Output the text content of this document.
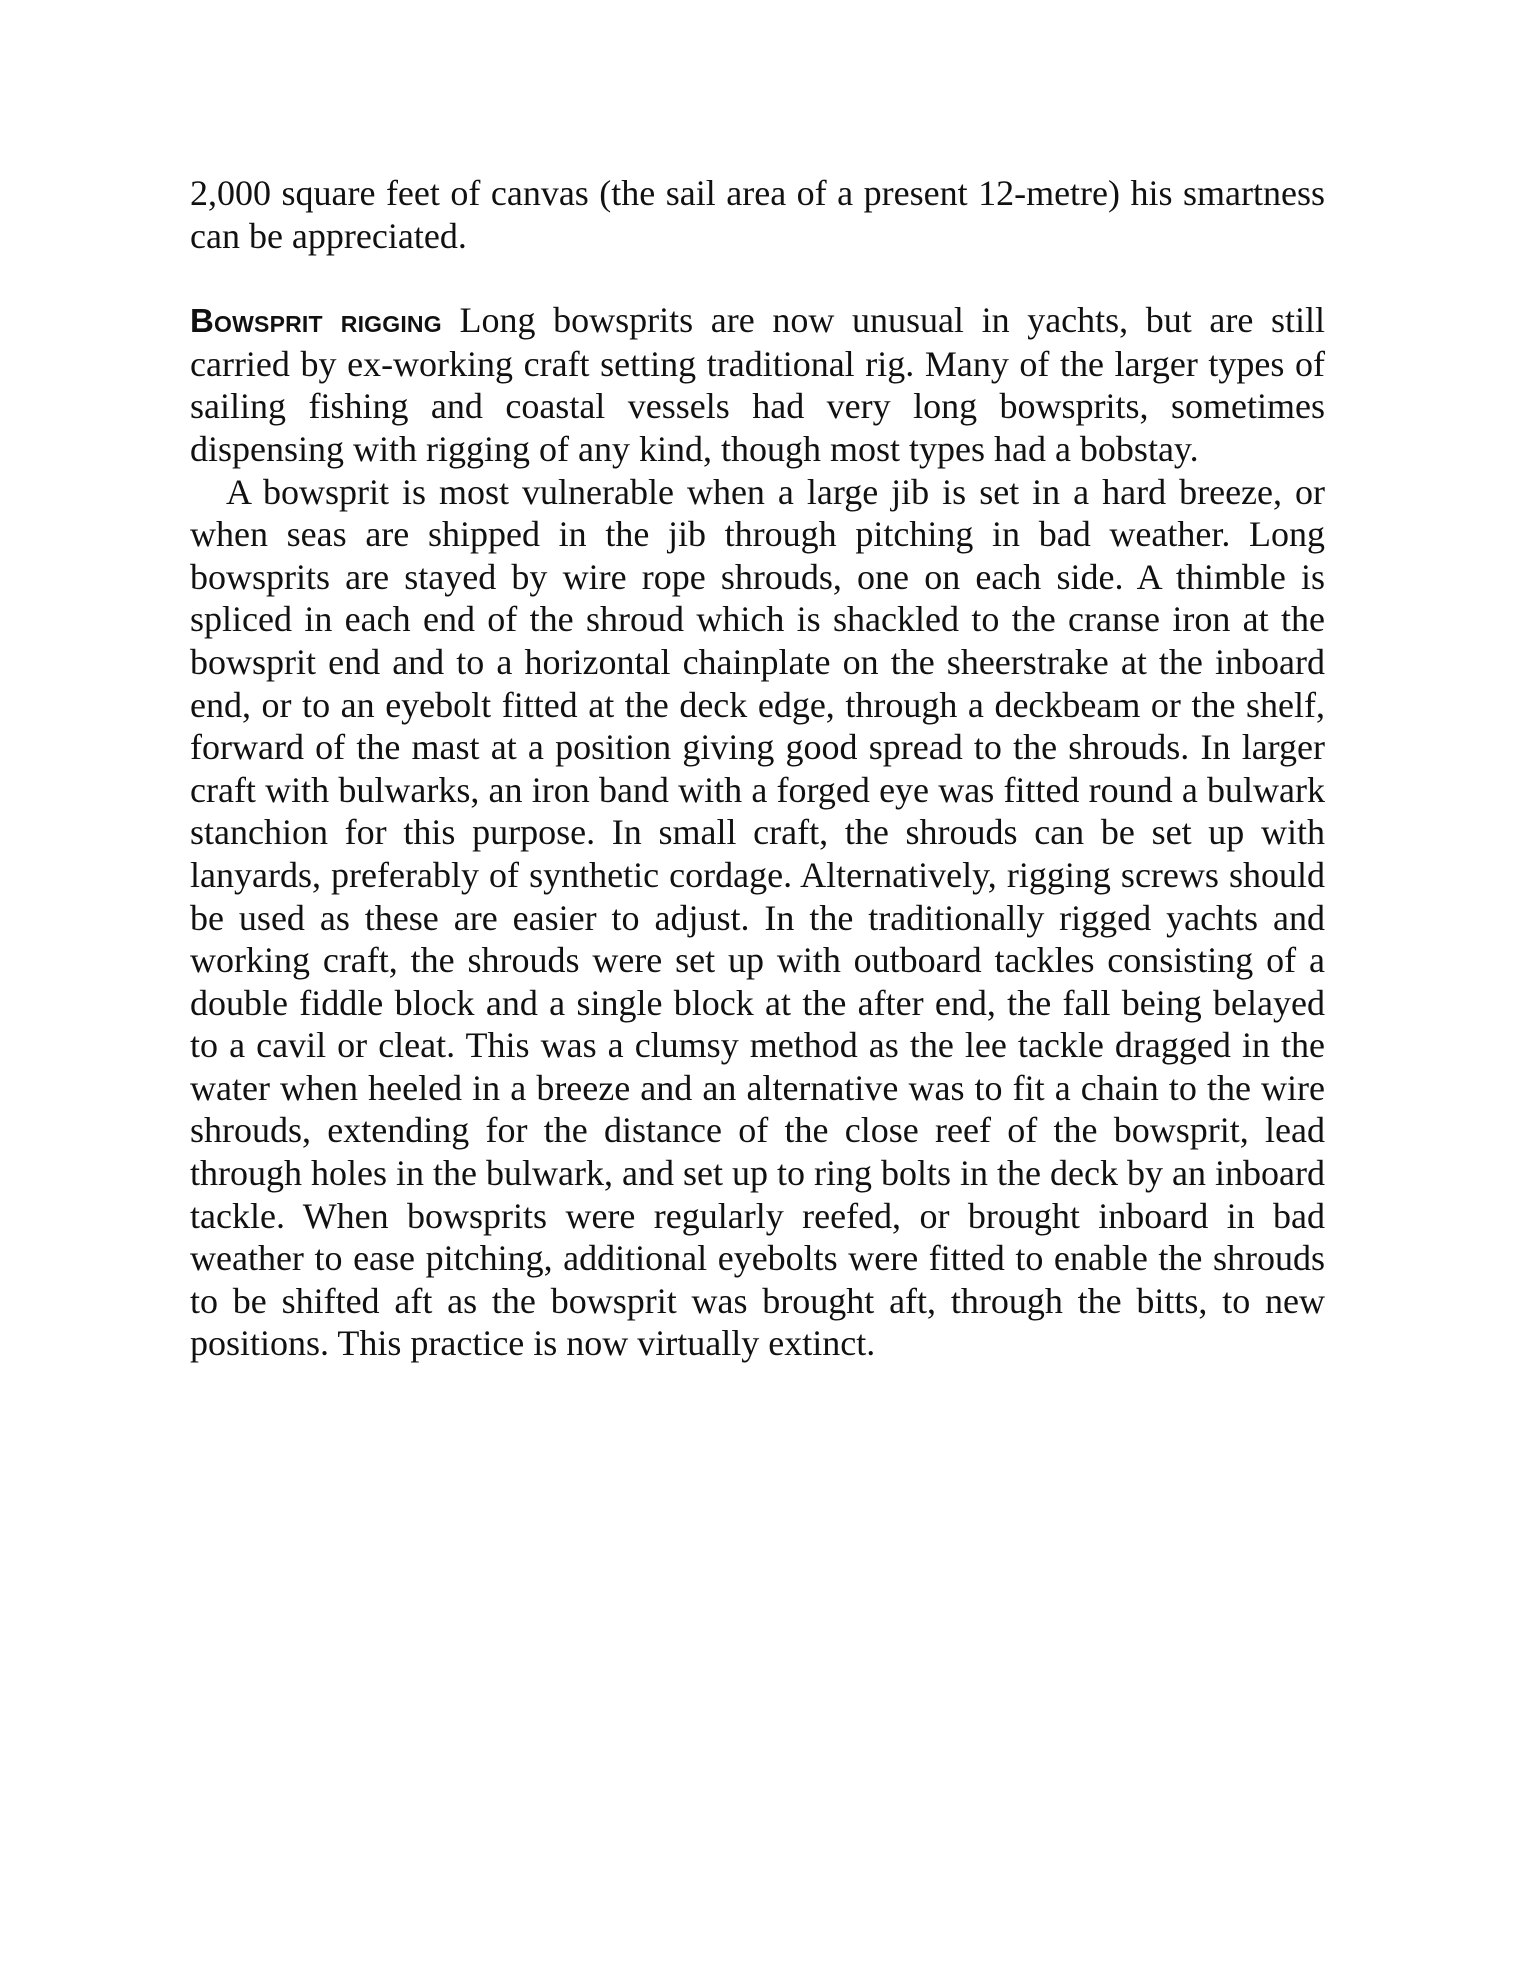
2,000 square feet of canvas (the sail area of a present 12-metre) his smartness can be appreciated.

Bowsprit rigging Long bowsprits are now unusual in yachts, but are still carried by ex-working craft setting traditional rig. Many of the larger types of sailing fishing and coastal vessels had very long bowsprits, sometimes dispensing with rigging of any kind, though most types had a bobstay.

A bowsprit is most vulnerable when a large jib is set in a hard breeze, or when seas are shipped in the jib through pitching in bad weather. Long bowsprits are stayed by wire rope shrouds, one on each side. A thimble is spliced in each end of the shroud which is shackled to the cranse iron at the bowsprit end and to a horizontal chainplate on the sheerstrake at the inboard end, or to an eyebolt fitted at the deck edge, through a deckbeam or the shelf, forward of the mast at a position giving good spread to the shrouds. In larger craft with bulwarks, an iron band with a forged eye was fitted round a bulwark stanchion for this purpose. In small craft, the shrouds can be set up with lanyards, preferably of synthetic cordage. Alternatively, rigging screws should be used as these are easier to adjust. In the traditionally rigged yachts and working craft, the shrouds were set up with outboard tackles consisting of a double fiddle block and a single block at the after end, the fall being belayed to a cavil or cleat. This was a clumsy method as the lee tackle dragged in the water when heeled in a breeze and an alternative was to fit a chain to the wire shrouds, extending for the distance of the close reef of the bowsprit, lead through holes in the bulwark, and set up to ring bolts in the deck by an inboard tackle. When bowsprits were regularly reefed, or brought inboard in bad weather to ease pitching, additional eyebolts were fitted to enable the shrouds to be shifted aft as the bowsprit was brought aft, through the bitts, to new positions. This practice is now virtually extinct.
